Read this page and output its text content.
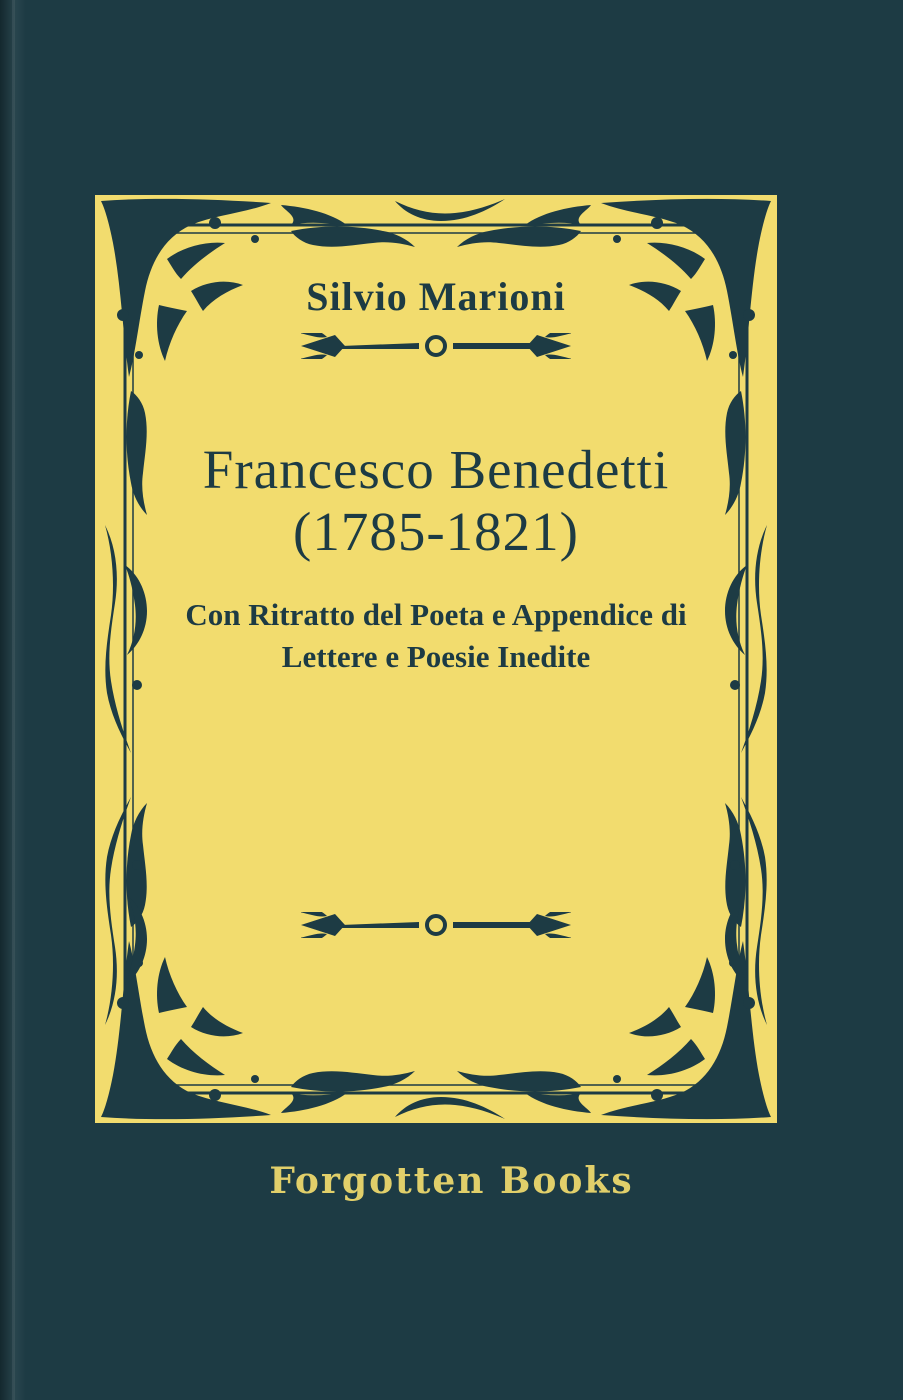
Silvio Marioni
Francesco Benedetti
(1785-1821)
Con Ritratto del Poeta e Appendice di Lettere e Poesie Inedite
Forgotten Books
